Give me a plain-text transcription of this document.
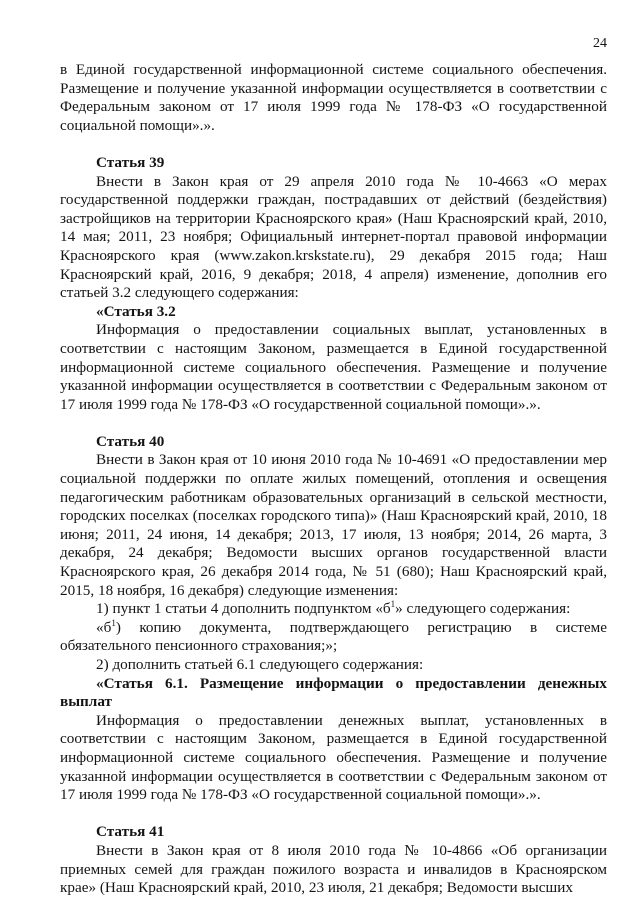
24

в Единой государственной информационной системе социального обеспечения. Размещение и получение указанной информации осуществляется в соответствии с Федеральным законом от 17 июля 1999 года № 178-ФЗ «О государственной социальной помощи».».

Статья 39

Внести в Закон края от 29 апреля 2010 года № 10-4663 «О мерах государственной поддержки граждан, пострадавших от действий (бездействия) застройщиков на территории Красноярского края» (Наш Красноярский край, 2010, 14 мая; 2011, 23 ноября; Официальный интернет-портал правовой информации Красноярского края (www.zakon.krskstate.ru), 29 декабря 2015 года; Наш Красноярский край, 2016, 9 декабря; 2018, 4 апреля) изменение, дополнив его статьей 3.2 следующего содержания:

«Статья 3.2

Информация о предоставлении социальных выплат, установленных в соответствии с настоящим Законом, размещается в Единой государственной информационной системе социального обеспечения. Размещение и получение указанной информации осуществляется в соответствии с Федеральным законом от 17 июля 1999 года № 178-ФЗ «О государственной социальной помощи».».

Статья 40

Внести в Закон края от 10 июня 2010 года № 10-4691 «О предоставлении мер социальной поддержки по оплате жилых помещений, отопления и освещения педагогическим работникам образовательных организаций в сельской местности, городских поселках (поселках городского типа)» (Наш Красноярский край, 2010, 18 июня; 2011, 24 июня, 14 декабря; 2013, 17 июля, 13 ноября; 2014, 26 марта, 3 декабря, 24 декабря; Ведомости высших органов государственной власти Красноярского края, 26 декабря 2014 года, № 51 (680); Наш Красноярский край, 2015, 18 ноября, 16 декабря) следующие изменения:

1) пункт 1 статьи 4 дополнить подпунктом «$б^1$» следующего содержания:

«$б^1$) копию документа, подтверждающего регистрацию в системе обязательного пенсионного страхования;»;

2) дополнить статьей 6.1 следующего содержания:

«Статья 6.1. Размещение информации о предоставлении денежных выплат

Информация о предоставлении денежных выплат, установленных в соответствии с настоящим Законом, размещается в Единой государственной информационной системе социального обеспечения. Размещение и получение указанной информации осуществляется в соответствии с Федеральным законом от 17 июля 1999 года № 178-ФЗ «О государственной социальной помощи».».

Статья 41

Внести в Закон края от 8 июля 2010 года № 10-4866 «Об организации приемных семей для граждан пожилого возраста и инвалидов в Красноярском крае» (Наш Красноярский край, 2010, 23 июля, 21 декабря; Ведомости высших
